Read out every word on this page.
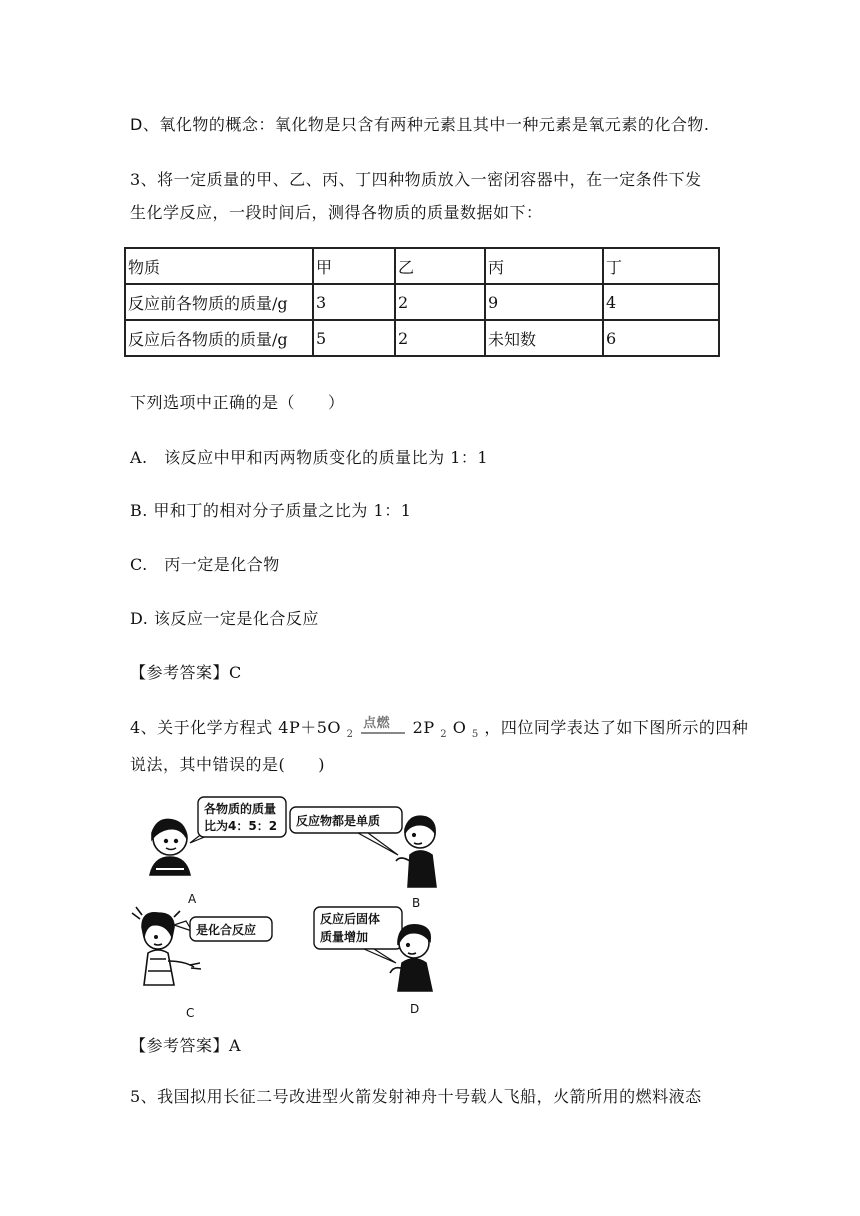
D、氧化物的概念：氧化物是只含有两种元素且其中一种元素是氧元素的化合物.
3、将一定质量的甲、乙、丙、丁四种物质放入一密闭容器中，在一定条件下发
生化学反应，一段时间后，测得各物质的质量数据如下：
物质	甲	乙	丙	丁
反应前各物质的质量/g	3	2	9	4
反应后各物质的质量/g	5	2	未知数	6
下列选项中正确的是（　　）
A.　该反应中甲和丙两物质变化的质量比为 1：1
B. 甲和丁的相对分子质量之比为 1：1
C.　丙一定是化合物
D. 该反应一定是化合反应
【参考答案】C
4、关于化学方程式 4P＋5O $_2$
点燃 2P $_2$ O $_5$ ，四位同学表达了如下图所示的四种
说法，其中错误的是(　　)
各物质的质量
比为4：5：2
A
反应物都是单质
B
是化合反应
C
反应后固体
质量增加
D
【参考答案】A
5、我国拟用长征二号改进型火箭发射神舟十号载人飞船，火箭所用的燃料液态
